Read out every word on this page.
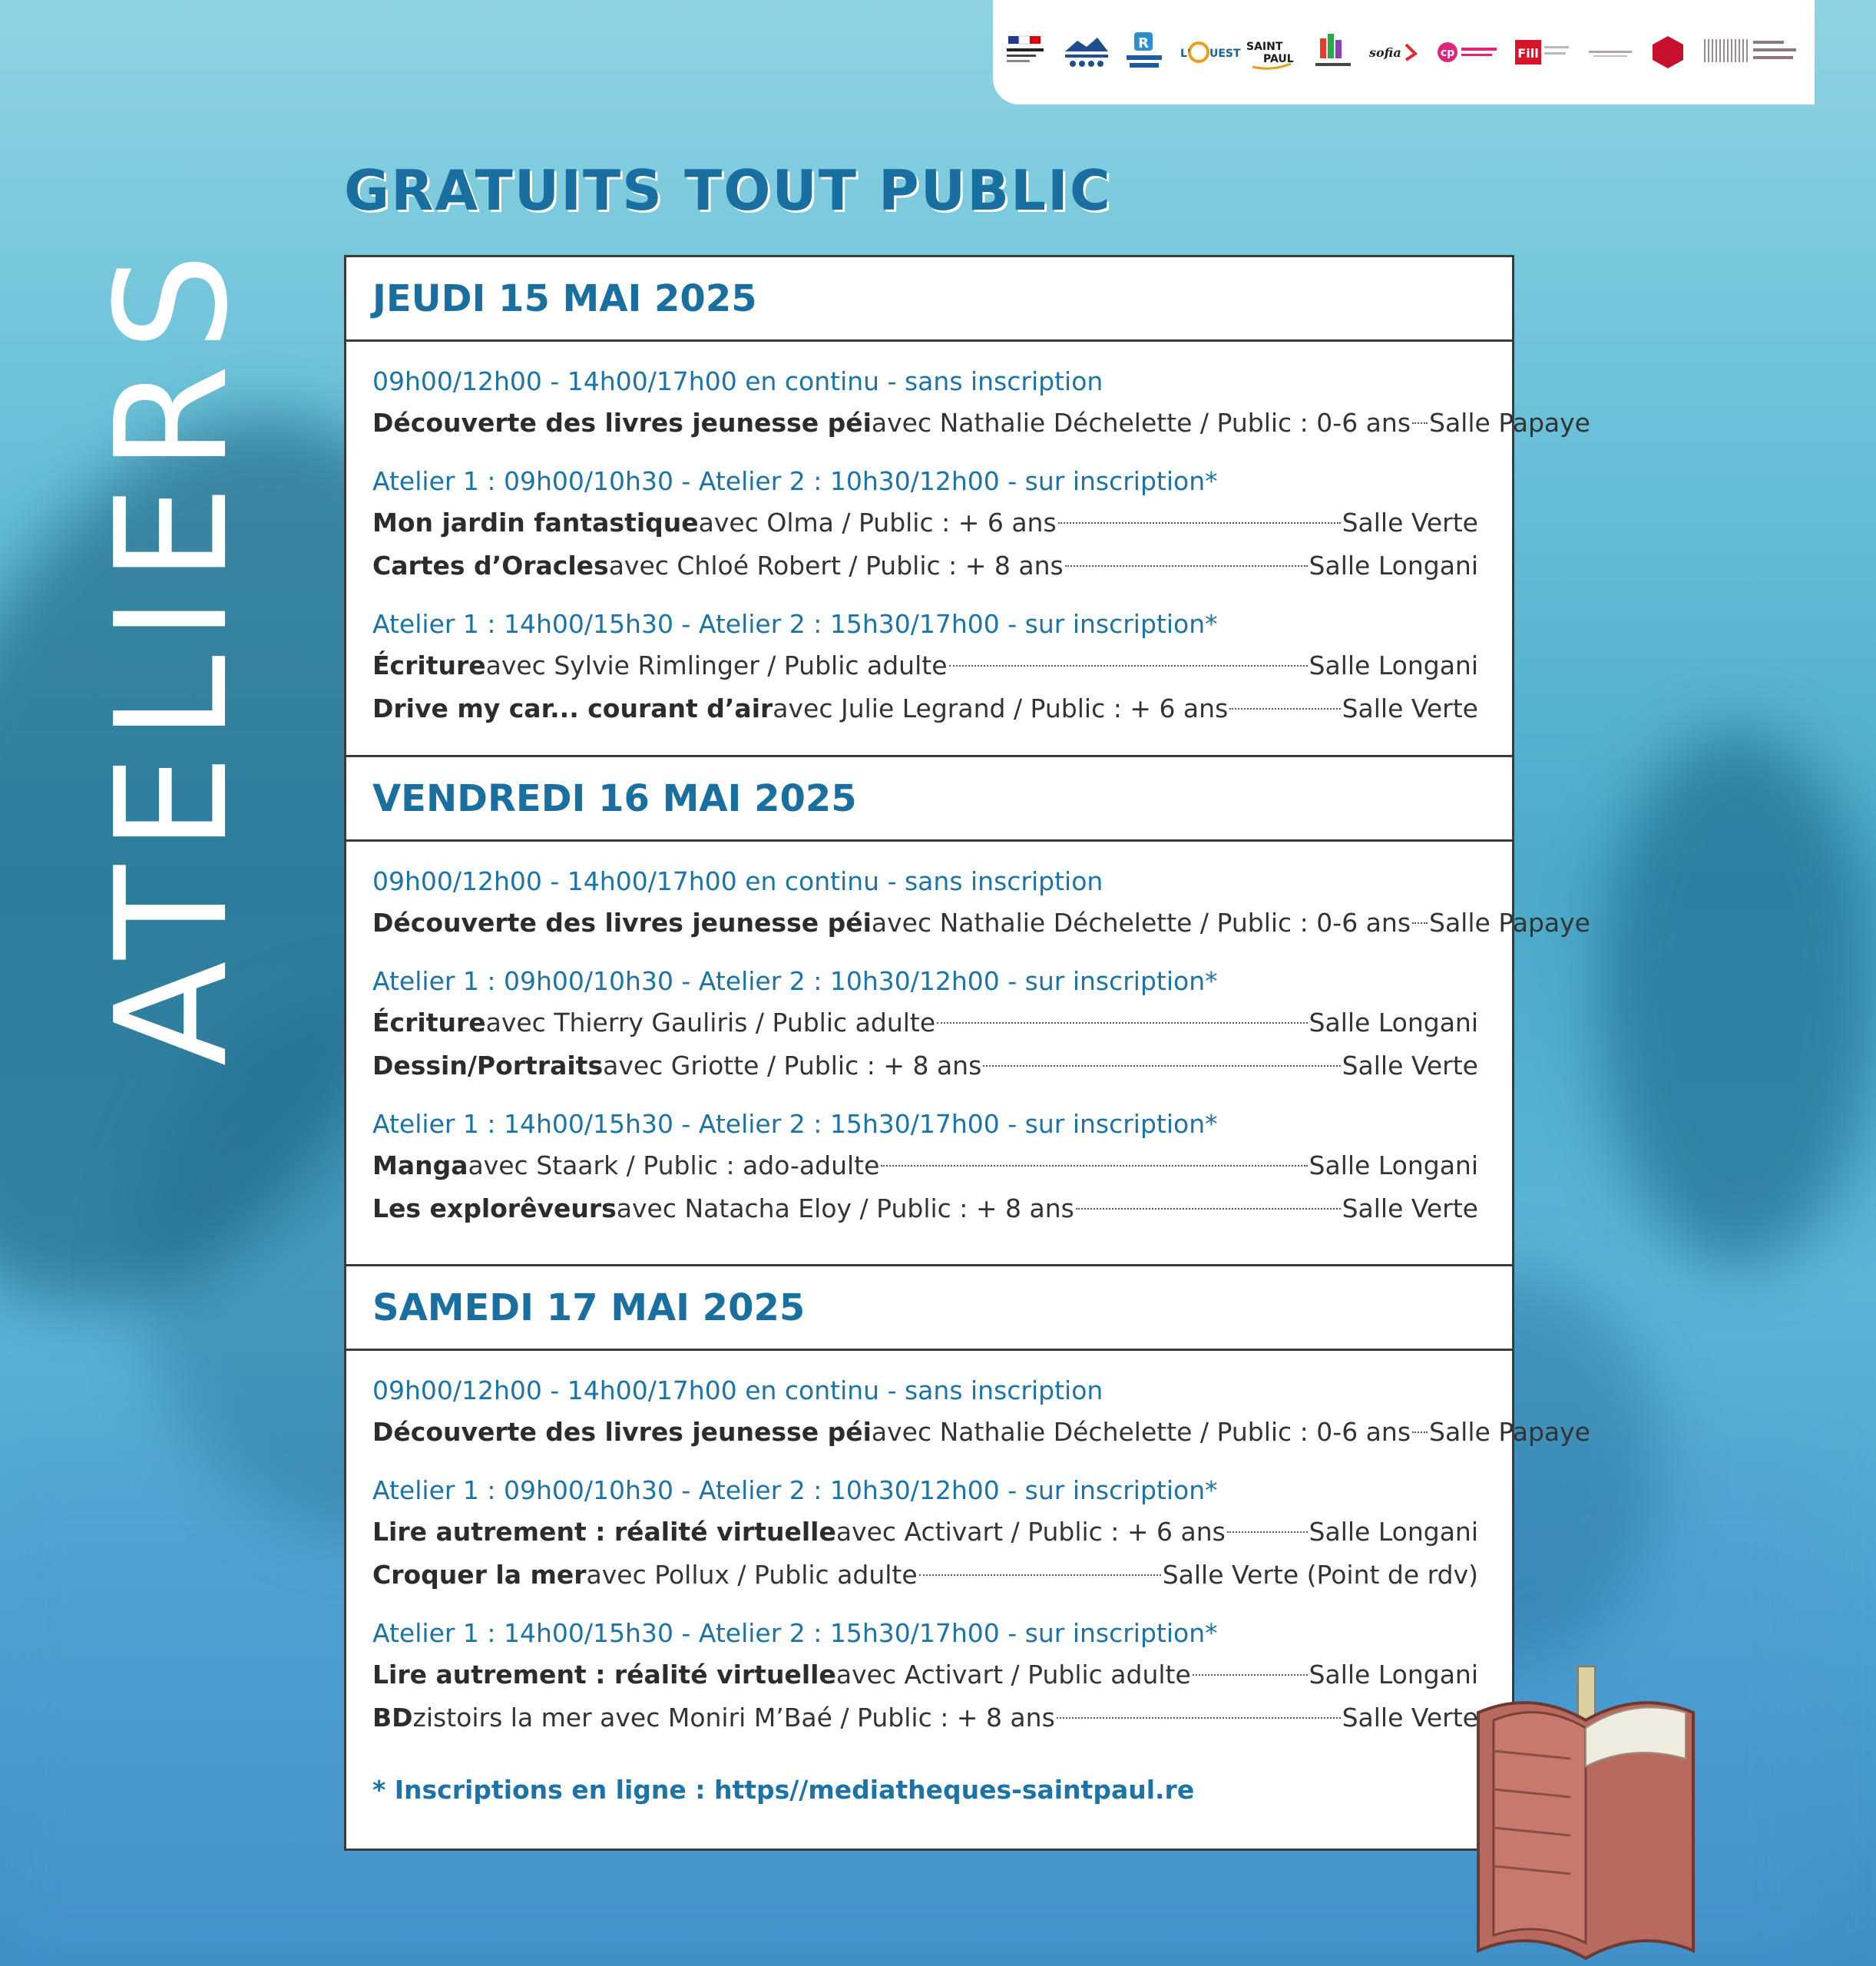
R
L' UEST
SAINT
PAUL	sofia	cp	Fill
ATELIERS
GRATUITS TOUT PUBLIC
JEUDI 15 MAI 2025
09h00/12h00 - 14h00/17h00 en continu - sans inscription
Découverte des livres jeunesse péi avec Nathalie Déchelette / Public : 0-6 ans Salle Papaye
Atelier 1 : 09h00/10h30 - Atelier 2 : 10h30/12h00 - sur inscription*
Mon jardin fantastique avec Olma / Public : + 6 ans	Salle Verte
Cartes d’Oracles avec Chloé Robert / Public : + 8 ans	Salle Longani
Atelier 1 : 14h00/15h30 - Atelier 2 : 15h30/17h00 - sur inscription*
Écriture avec Sylvie Rimlinger / Public adulte	Salle Longani
Drive my car... courant d’air avec Julie Legrand / Public : + 6 ans	Salle Verte
VENDREDI 16 MAI 2025
09h00/12h00 - 14h00/17h00 en continu - sans inscription
Découverte des livres jeunesse péi avec Nathalie Déchelette / Public : 0-6 ans Salle Papaye
Atelier 1 : 09h00/10h30 - Atelier 2 : 10h30/12h00 - sur inscription*
Écriture avec Thierry Gauliris / Public adulte	Salle Longani
Dessin/Portraits avec Griotte / Public : + 8 ans	Salle Verte
Atelier 1 : 14h00/15h30 - Atelier 2 : 15h30/17h00 - sur inscription*
Manga avec Staark / Public : ado-adulte	Salle Longani
Les explorêveurs avec Natacha Eloy / Public : + 8 ans	Salle Verte
SAMEDI 17 MAI 2025
09h00/12h00 - 14h00/17h00 en continu - sans inscription
Découverte des livres jeunesse péi avec Nathalie Déchelette / Public : 0-6 ans Salle Papaye
Atelier 1 : 09h00/10h30 - Atelier 2 : 10h30/12h00 - sur inscription*
Lire autrement : réalité virtuelle avec Activart / Public : + 6 ans	Salle Longani
Croquer la mer avec Pollux / Public adulte	Salle Verte (Point de rdv)
Atelier 1 : 14h00/15h30 - Atelier 2 : 15h30/17h00 - sur inscription*
Lire autrement : réalité virtuelle avec Activart / Public adulte	Salle Longani
BD zistoirs la mer avec Moniri M’Baé / Public : + 8 ans	Salle Verte
* Inscriptions en ligne : https//mediatheques-saintpaul.re
